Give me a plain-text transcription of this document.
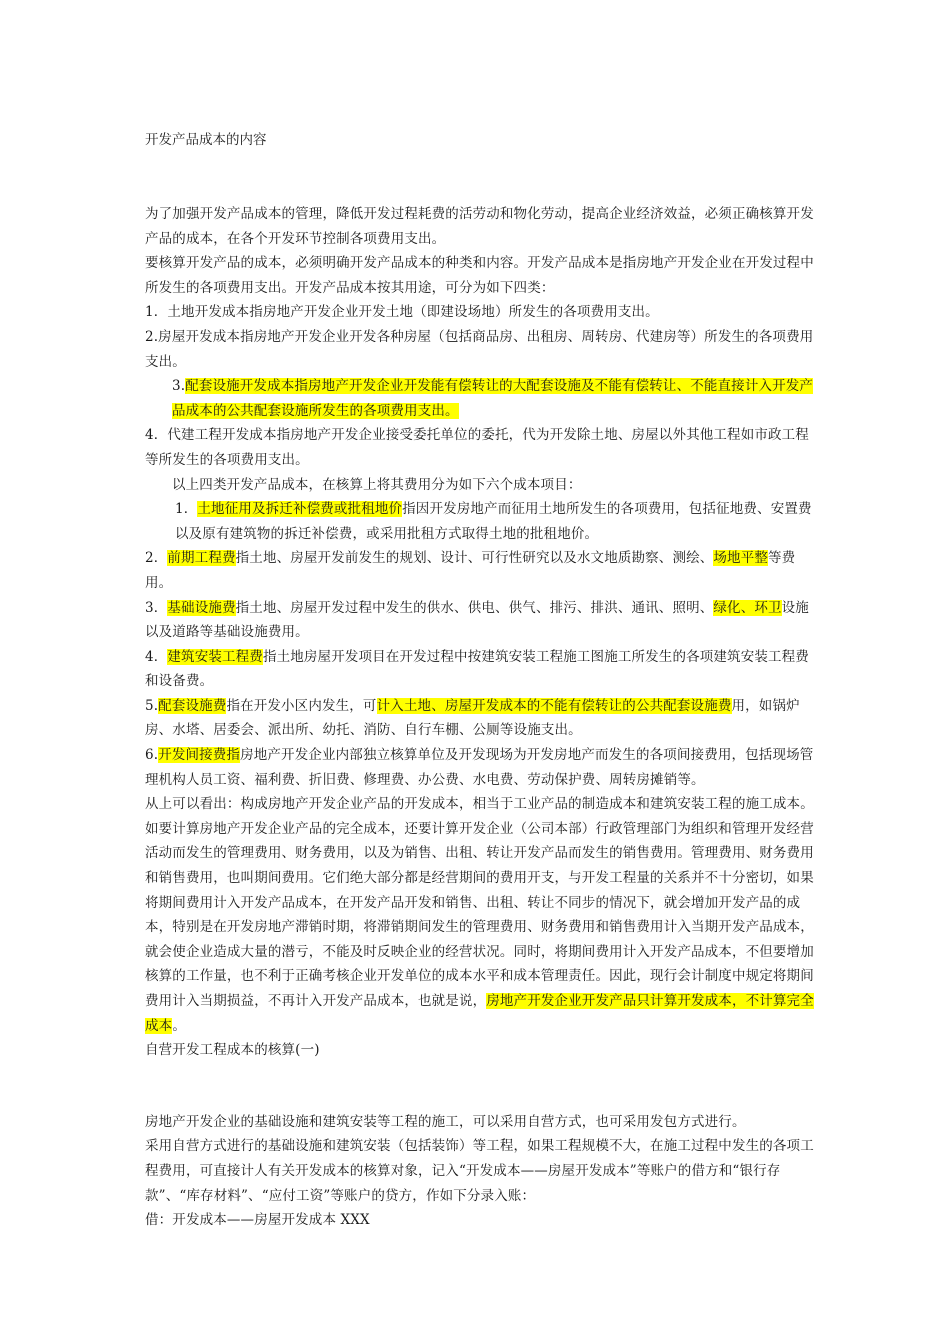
开发产品成本的内容

为了加强开发产品成本的管理，降低开发过程耗费的活劳动和物化劳动，提高企业经济效益，必须正确核算开发产品的成本，在各个开发环节控制各项费用支出。

要核算开发产品的成本，必须明确开发产品成本的种类和内容。开发产品成本是指房地产开发企业在开发过程中所发生的各项费用支出。开发产品成本按其用途，可分为如下四类：

1．土地开发成本指房地产开发企业开发土地（即建设场地）所发生的各项费用支出。

2.房屋开发成本指房地产开发企业开发各种房屋（包括商品房、出租房、周转房、代建房等）所发生的各项费用支出。

3.配套设施开发成本指房地产开发企业开发能有偿转让的大配套设施及不能有偿转让、不能直接计入开发产品成本的公共配套设施所发生的各项费用支出。

4．代建工程开发成本指房地产开发企业接受委托单位的委托，代为开发除土地、房屋以外其他工程如市政工程等所发生的各项费用支出。

以上四类开发产品成本，在核算上将其费用分为如下六个成本项目：

1．土地征用及拆迁补偿费或批租地价指因开发房地产而征用土地所发生的各项费用，包括征地费、安置费以及原有建筑物的拆迁补偿费，或采用批租方式取得土地的批租地价。

2．前期工程费指土地、房屋开发前发生的规划、设计、可行性研究以及水文地质勘察、测绘、场地平整等费用。

3．基础设施费指土地、房屋开发过程中发生的供水、供电、供气、排污、排洪、通讯、照明、绿化、环卫设施以及道路等基础设施费用。

4．建筑安装工程费指土地房屋开发项目在开发过程中按建筑安装工程施工图施工所发生的各项建筑安装工程费和设备费。

5.配套设施费指在开发小区内发生，可计入土地、房屋开发成本的不能有偿转让的公共配套设施费用，如锅炉房、水塔、居委会、派出所、幼托、消防、自行车棚、公厕等设施支出。

6.开发间接费指房地产开发企业内部独立核算单位及开发现场为开发房地产而发生的各项间接费用，包括现场管理机构人员工资、福利费、折旧费、修理费、办公费、水电费、劳动保护费、周转房摊销等。

从上可以看出：构成房地产开发企业产品的开发成本，相当于工业产品的制造成本和建筑安装工程的施工成本。如要计算房地产开发企业产品的完全成本，还要计算开发企业（公司本部）行政管理部门为组织和管理开发经营活动而发生的管理费用、财务费用，以及为销售、出租、转让开发产品而发生的销售费用。管理费用、财务费用和销售费用，也叫期间费用。它们绝大部分都是经营期间的费用开支，与开发工程量的关系并不十分密切，如果将期间费用计入开发产品成本，在开发产品开发和销售、出租、转让不同步的情况下，就会增加开发产品的成本，特别是在开发房地产滞销时期，将滞销期间发生的管理费用、财务费用和销售费用计入当期开发产品成本，就会使企业造成大量的潜亏，不能及时反映企业的经营状况。同时，将期间费用计入开发产品成本，不但要增加核算的工作量，也不利于正确考核企业开发单位的成本水平和成本管理责任。因此，现行会计制度中规定将期间费用计入当期损益，不再计入开发产品成本，也就是说，房地产开发企业开发产品只计算开发成本，不计算完全成本。

自营开发工程成本的核算(一)

房地产开发企业的基础设施和建筑安装等工程的施工，可以采用自营方式，也可采用发包方式进行。

采用自营方式进行的基础设施和建筑安装（包括装饰）等工程，如果工程规模不大，在施工过程中发生的各项工程费用，可直接计人有关开发成本的核算对象，记入“开发成本——房屋开发成本”等账户的借方和“银行存款”、“库存材料”、“应付工资”等账户的贷方，作如下分录入账：

借：开发成本——房屋开发成本 XXX
